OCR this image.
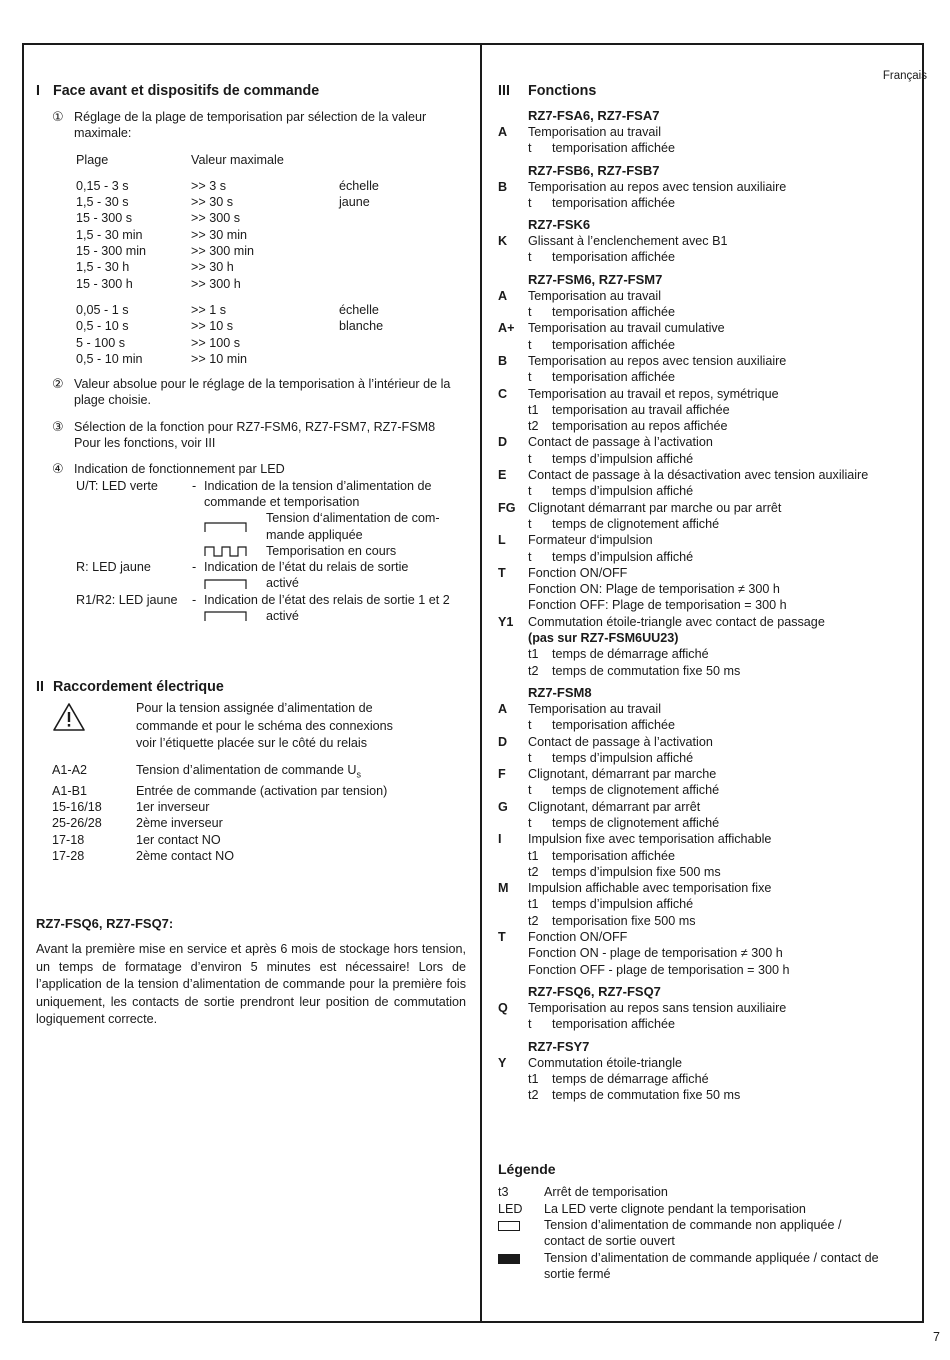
Français
I Face avant et dispositifs de commande
① Réglage de la plage de temporisation par sélection de la valeur maximale:
Plage	Valeur maximale	
0,15 - 3 s	>> 3 s	échelle
1,5 - 30 s	>> 30 s	jaune
15 - 300 s	>> 300 s	
1,5 - 30 min	>> 30 min	
15 - 300 min	>> 300 min	
1,5 - 30 h	>> 30 h	
15 - 300 h	>> 300 h	
0,05 - 1 s	>> 1 s	échelle
0,5 - 10 s	>> 10 s	blanche
5 - 100 s	>> 100 s	
0,5 - 10 min	>> 10 min	
② Valeur absolue pour le réglage de la temporisation à l’intérieur de la plage choisie.
③ Sélection de la fonction pour RZ7-FSM6, RZ7-FSM7, RZ7-FSM8
Pour les fonctions, voir III
④ Indication de fonctionnement par LED
U/T: LED verte	- Indication de la tension d’alimentation de commande et temporisation
Tension d‘alimentation de com-mande appliquée
Temporisation en cours
R: LED jaune	- Indication de l’état du relais de sortie
activé
R1/R2: LED jaune	- Indication de l’état des relais de sortie 1 et 2
activé
II Raccordement électrique
Pour la tension assignée d’alimentation de commande et pour le schéma des connexions voir l’étiquette placée sur le côté du relais
A1-A2	Tension d’alimentation de commande $U_s$
A1-B1	Entrée de commande (activation par tension)
15-16/18	1er inverseur
25-26/28	2ème inverseur
17-18	1er contact NO
17-28	2ème contact NO
RZ7-FSQ6, RZ7-FSQ7:
Avant la première mise en service et après 6 mois de stockage hors tension, un temps de formatage d’environ 5 minutes est nécessaire! Lors de l’application de la tension d’alimentation de commande pour la première fois uniquement, les contacts de sortie prendront leur position de commutation logiquement correcte.
III	Fonctions
RZ7-FSA6, RZ7-FSA7
A	Temporisation au travail
t	temporisation affichée
RZ7-FSB6, RZ7-FSB7
B	Temporisation au repos avec tension auxiliaire
t	temporisation affichée
RZ7-FSK6
K	Glissant à l’enclenchement avec B1
t	temporisation affichée
RZ7-FSM6, RZ7-FSM7
A	Temporisation au travail
t	temporisation affichée
A+	Temporisation au travail cumulative
t	temporisation affichée
B	Temporisation au repos avec tension auxiliaire
t	temporisation affichée
C	Temporisation au travail et repos, symétrique
t1	temporisation au travail affichée
t2	temporisation au repos affichée
D	Contact de passage à l’activation
t	temps d’impulsion affiché
E	Contact de passage à la désactivation avec tension auxiliaire
t	temps d’impulsion affiché
FG Clignotant démarrant par marche ou par arrêt
t	temps de clignotement affiché
L	Formateur d‘impulsion
t	temps d’impulsion affiché
T	Fonction ON/OFF
Fonction ON: Plage de temporisation ≠ 300 h
Fonction OFF: Plage de temporisation = 300 h
Y1	Commutation étoile-triangle avec contact de passage
(pas sur RZ7-FSM6UU23)
t1	temps de démarrage affiché
t2	temps de commutation fixe 50 ms
RZ7-FSM8
A	Temporisation au travail
t	temporisation affichée
D	Contact de passage à l’activation
t	temps d’impulsion affiché
F	Clignotant, démarrant par marche
t	temps de clignotement affiché
G	Clignotant, démarrant par arrêt
t	temps de clignotement affiché
I	Impulsion fixe avec temporisation affichable
t1	temporisation affichée
t2	temps d’impulsion fixe 500 ms
M	Impulsion affichable avec temporisation fixe
t1	temps d’impulsion affiché
t2	temporisation fixe 500 ms
T	Fonction ON/OFF
Fonction ON - plage de temporisation ≠ 300 h
Fonction OFF - plage de temporisation = 300 h
RZ7-FSQ6, RZ7-FSQ7
Q	Temporisation au repos sans tension auxiliaire
t	temporisation affichée
RZ7-FSY7
Y	Commutation étoile-triangle
t1	temps de démarrage affiché
t2	temps de commutation fixe 50 ms
Légende
t3	Arrêt de temporisation
LED	La LED verte clignote pendant la temporisation
Tension d’alimentation de commande non appliquée / contact de sortie ouvert
Tension d’alimentation de commande appliquée / contact de sortie fermé
7
